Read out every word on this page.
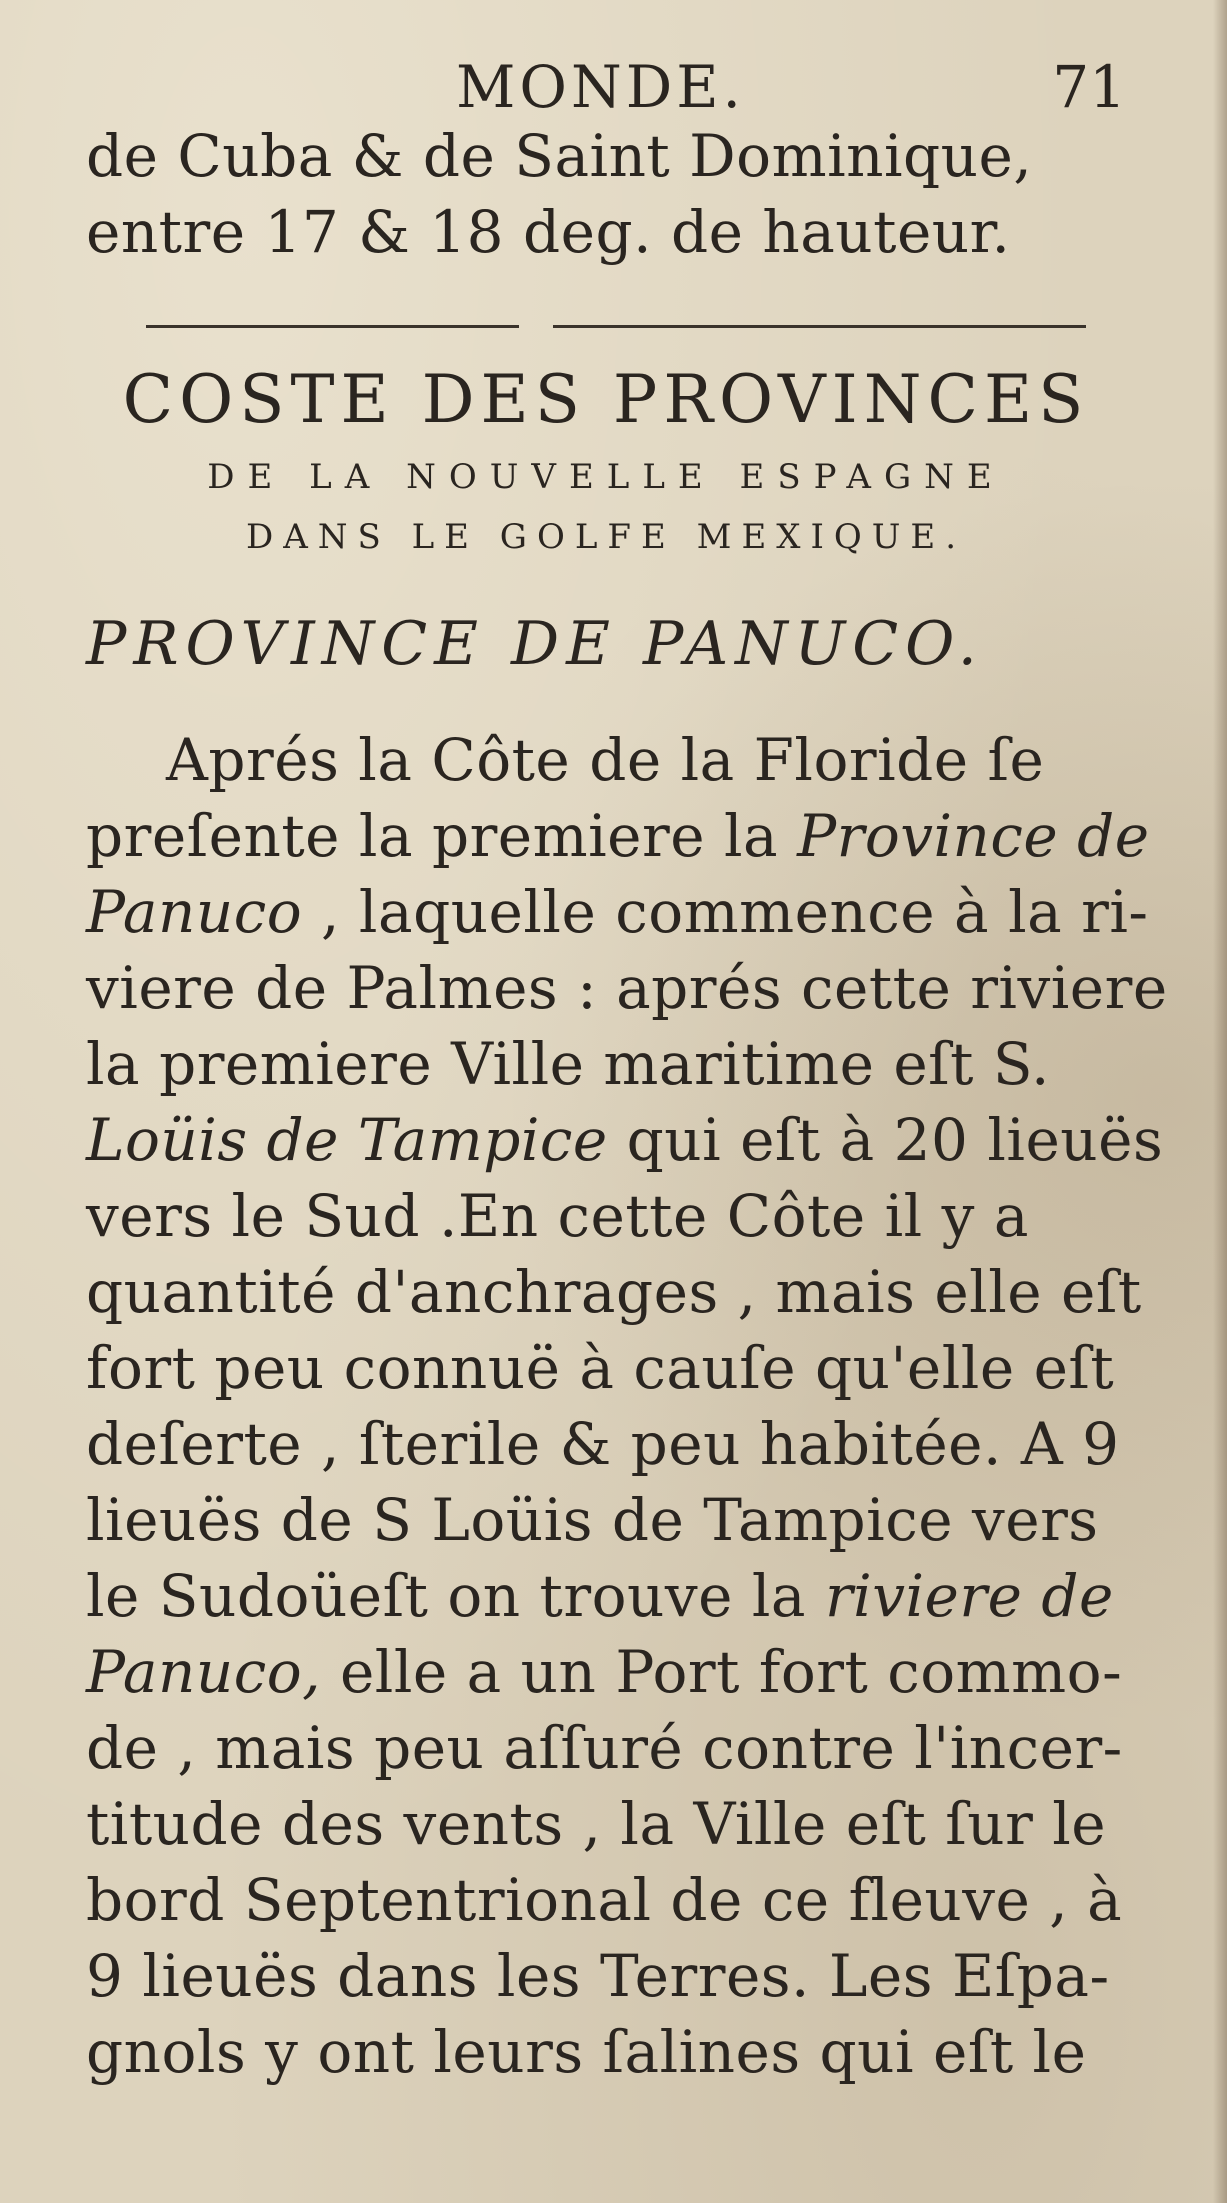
MONDE.	71
de Cuba & de Saint Dominique,
entre 17 & 18 deg. de hauteur.
COSTE DES PROVINCES
DE LA NOUVELLE ESPAGNE
DANS LE GOLFE MEXIQUE.
PROVINCE DE PANUCO.
Aprés la Côte de la Floride ſe
preſente la premiere la Province de
Panuco , laquelle commence à la ri-
viere de Palmes : aprés cette riviere
la premiere Ville maritime eſt S.
Loüis de Tampice qui eſt à 20 lieuës
vers le Sud .En cette Côte il y a
quantité d'anchrages , mais elle eſt
fort peu connuë à cauſe qu'elle eſt
deſerte , ſterile & peu habitée. A 9
lieuës de S Loüis de Tampice vers
le Sudoüeſt on trouve la riviere de
Panuco, elle a un Port fort commo-
de , mais peu aſſuré contre l'incer-
titude des vents , la Ville eſt ſur le
bord Septentrional de ce fleuve , à
9 lieuës dans les Terres. Les Eſpa-
gnols y ont leurs ſalines qui eſt le
